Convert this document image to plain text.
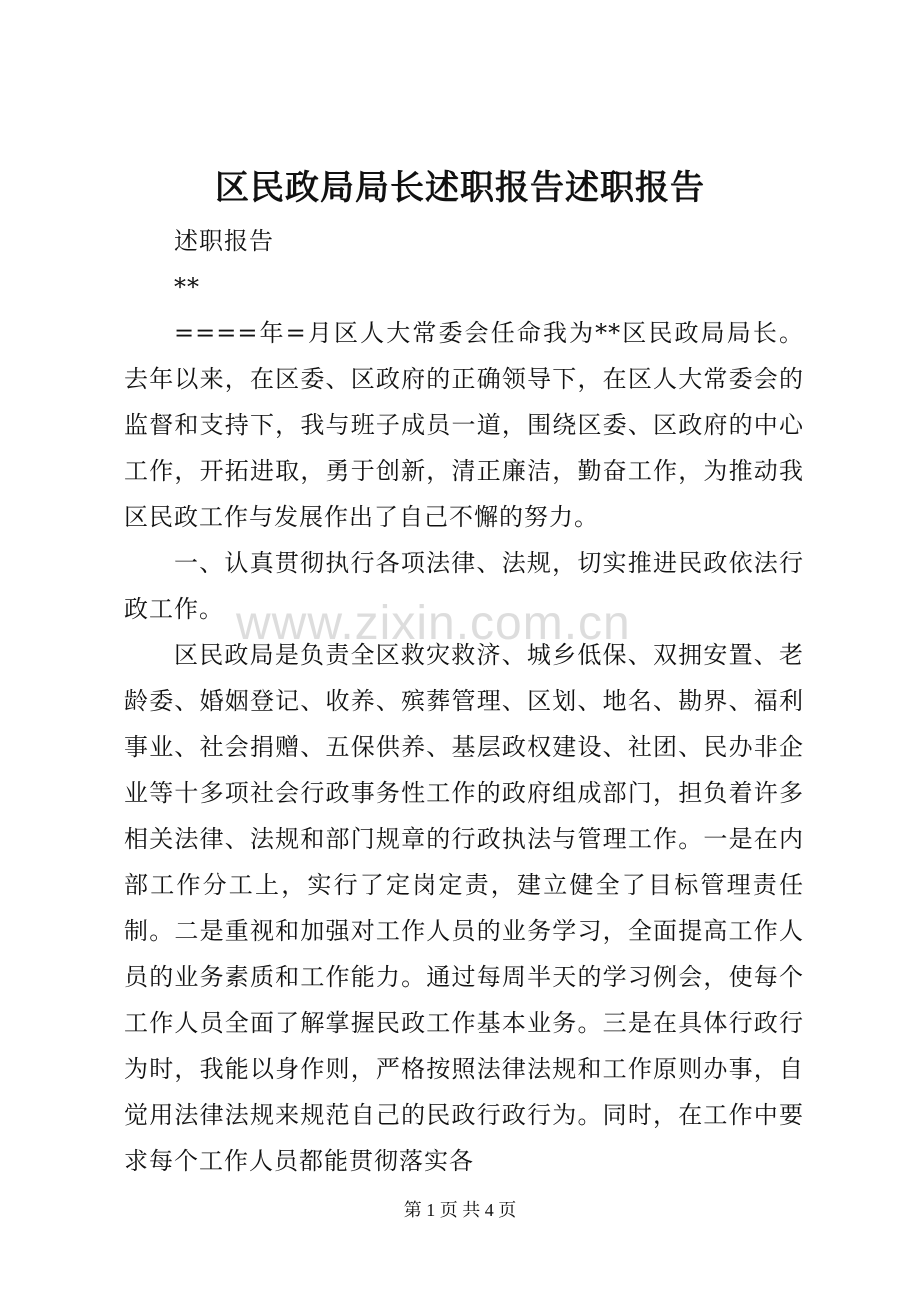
区民政局局长述职报告述职报告

述职报告

**

====年=月区人大常委会任命我为**区民政局局长。去年以来，在区委、区政府的正确领导下，在区人大常委会的监督和支持下，我与班子成员一道，围绕区委、区政府的中心工作，开拓进取，勇于创新，清正廉洁，勤奋工作，为推动我区民政工作与发展作出了自己不懈的努力。

一、认真贯彻执行各项法律、法规，切实推进民政依法行政工作。

区民政局是负责全区救灾救济、城乡低保、双拥安置、老龄委、婚姻登记、收养、殡葬管理、区划、地名、勘界、福利事业、社会捐赠、五保供养、基层政权建设、社团、民办非企业等十多项社会行政事务性工作的政府组成部门，担负着许多相关法律、法规和部门规章的行政执法与管理工作。一是在内部工作分工上，实行了定岗定责，建立健全了目标管理责任制。二是重视和加强对工作人员的业务学习，全面提高工作人员的业务素质和工作能力。通过每周半天的学习例会，使每个工作人员全面了解掌握民政工作基本业务。三是在具体行政行为时，我能以身作则，严格按照法律法规和工作原则办事，自觉用法律法规来规范自己的民政行政行为。同时，在工作中要求每个工作人员都能贯彻落实各

www.zixin.com.cn
第 1 页 共 4 页
